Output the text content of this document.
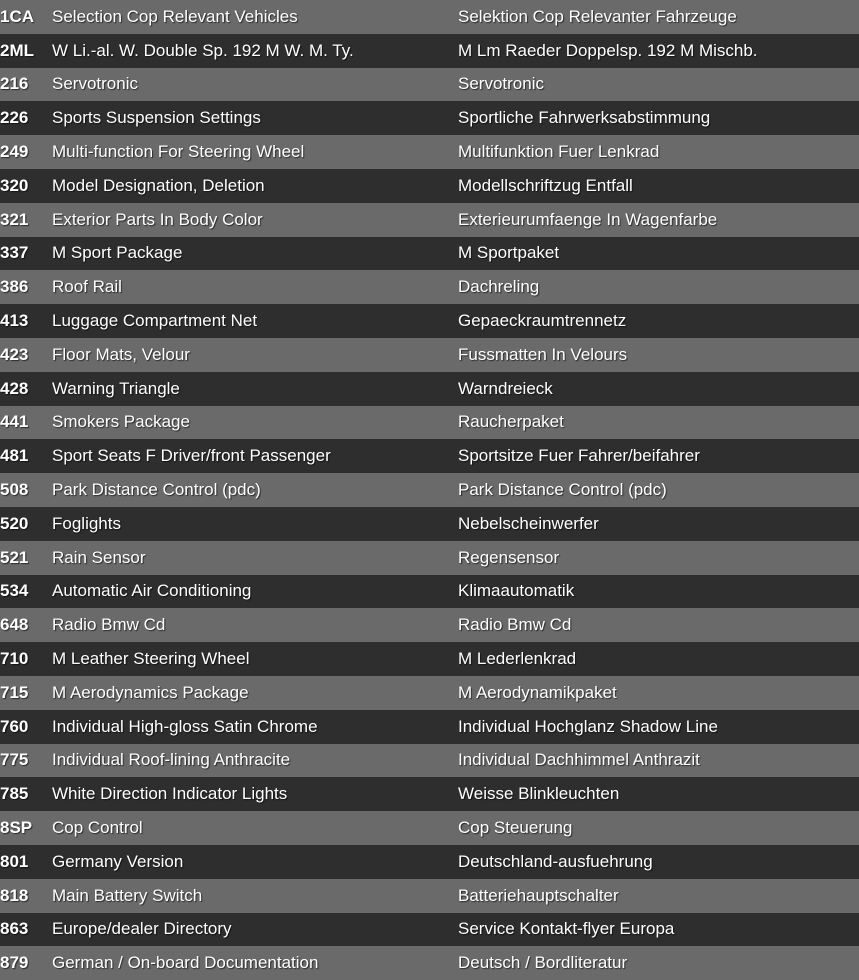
1CA	Selection Cop Relevant Vehicles	Selektion Cop Relevanter Fahrzeuge
2ML	W Li.-al. W. Double Sp. 192 M W. M. Ty.	M Lm Raeder Doppelsp. 192 M Mischb.
216	Servotronic	Servotronic
226	Sports Suspension Settings	Sportliche Fahrwerksabstimmung
249	Multi-function For Steering Wheel	Multifunktion Fuer Lenkrad
320	Model Designation, Deletion	Modellschriftzug Entfall
321	Exterior Parts In Body Color	Exterieurumfaenge In Wagenfarbe
337	M Sport Package	M Sportpaket
386	Roof Rail	Dachreling
413	Luggage Compartment Net	Gepaeckraumtrennetz
423	Floor Mats, Velour	Fussmatten In Velours
428	Warning Triangle	Warndreieck
441	Smokers Package	Raucherpaket
481	Sport Seats F Driver/front Passenger	Sportsitze Fuer Fahrer/beifahrer
508	Park Distance Control (pdc)	Park Distance Control (pdc)
520	Foglights	Nebelscheinwerfer
521	Rain Sensor	Regensensor
534	Automatic Air Conditioning	Klimaautomatik
648	Radio Bmw Cd	Radio Bmw Cd
710	M Leather Steering Wheel	M Lederlenkrad
715	M Aerodynamics Package	M Aerodynamikpaket
760	Individual High-gloss Satin Chrome	Individual Hochglanz Shadow Line
775	Individual Roof-lining Anthracite	Individual Dachhimmel Anthrazit
785	White Direction Indicator Lights	Weisse Blinkleuchten
8SP	Cop Control	Cop Steuerung
801	Germany Version	Deutschland-ausfuehrung
818	Main Battery Switch	Batteriehauptschalter
863	Europe/dealer Directory	Service Kontakt-flyer Europa
879	German / On-board Documentation	Deutsch / Bordliteratur
